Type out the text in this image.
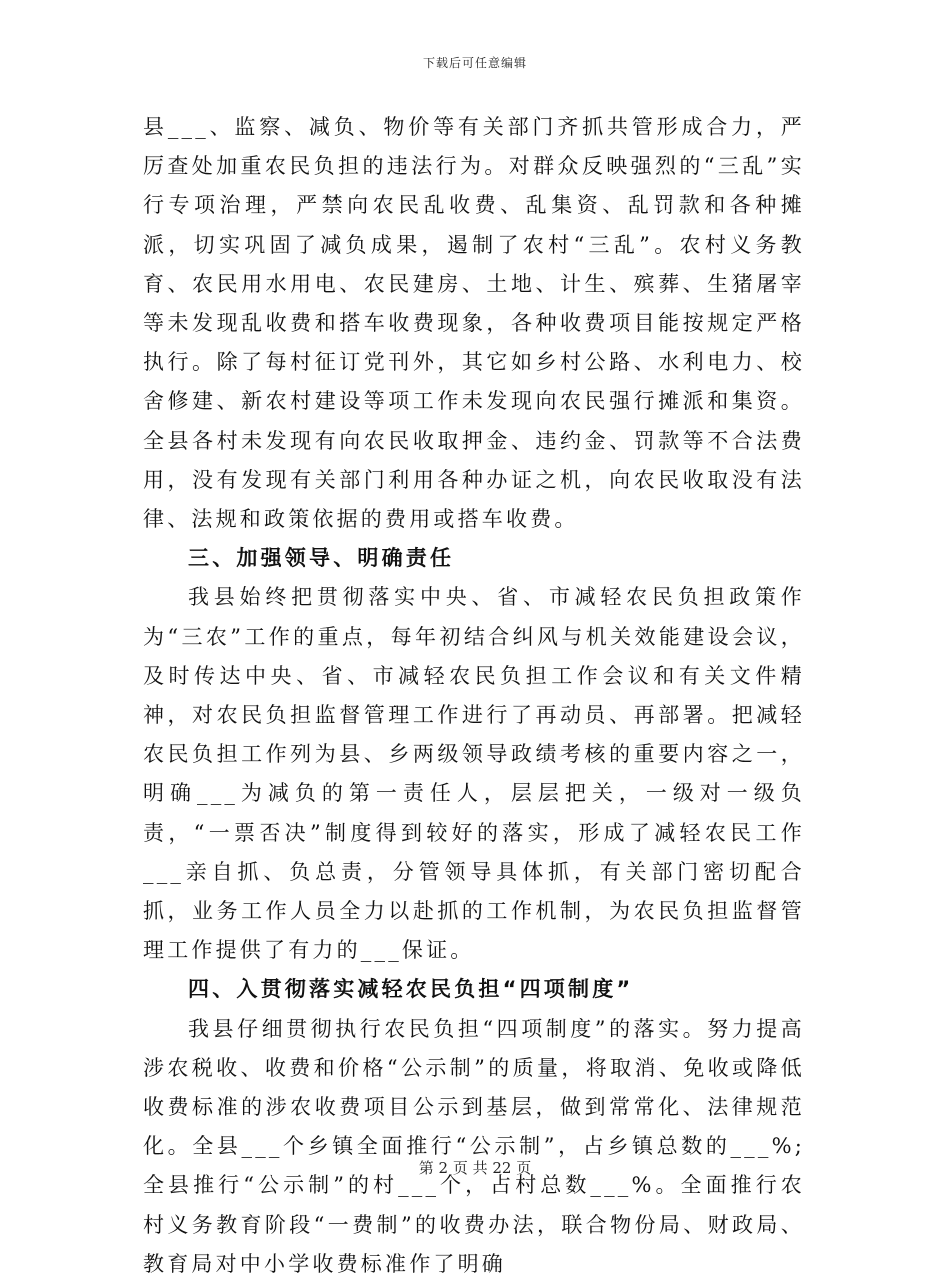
下载后可任意编辑

县___、监察、减负、物价等有关部门齐抓共管形成合力，严厉查处加重农民负担的违法行为。对群众反映强烈的“三乱”实行专项治理，严禁向农民乱收费、乱集资、乱罚款和各种摊派，切实巩固了减负成果，遏制了农村“三乱”。农村义务教育、农民用水用电、农民建房、土地、计生、殡葬、生猪屠宰等未发现乱收费和搭车收费现象，各种收费项目能按规定严格执行。除了每村征订党刊外，其它如乡村公路、水利电力、校舍修建、新农村建设等项工作未发现向农民强行摊派和集资。全县各村未发现有向农民收取押金、违约金、罚款等不合法费用，没有发现有关部门利用各种办证之机，向农民收取没有法律、法规和政策依据的费用或搭车收费。

三、加强领导、明确责任

我县始终把贯彻落实中央、省、市减轻农民负担政策作为“三农”工作的重点，每年初结合纠风与机关效能建设会议，及时传达中央、省、市减轻农民负担工作会议和有关文件精神，对农民负担监督管理工作进行了再动员、再部署。把减轻农民负担工作列为县、乡两级领导政绩考核的重要内容之一，明确___为减负的第一责任人，层层把关，一级对一级负责，“一票否决”制度得到较好的落实，形成了减轻农民工作___亲自抓、负总责，分管领导具体抓，有关部门密切配合抓，业务工作人员全力以赴抓的工作机制，为农民负担监督管理工作提供了有力的___保证。

四、入贯彻落实减轻农民负担“四项制度”

我县仔细贯彻执行农民负担“四项制度”的落实。努力提高涉农税收、收费和价格“公示制”的质量，将取消、免收或降低收费标准的涉农收费项目公示到基层，做到常常化、法律规范化。全县___个乡镇全面推行“公示制”，占乡镇总数的___%;全县推行“公示制”的村___个，占村总数___%。全面推行农村义务教育阶段“一费制”的收费办法，联合物份局、财政局、教育局对中小学收费标准作了明确

第 2 页 共 22 页
